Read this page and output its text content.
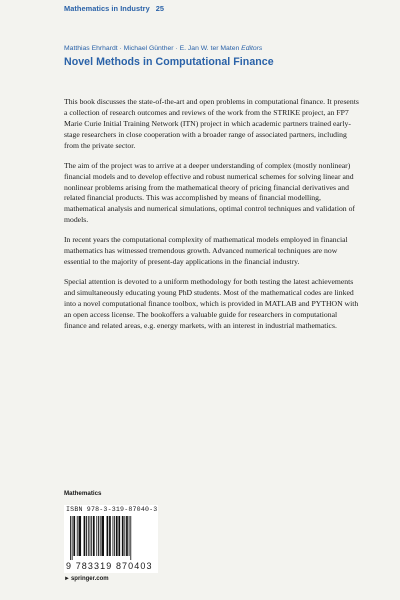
Mathematics in Industry 25
Matthias Ehrhardt · Michael Günther · E. Jan W. ter Maten Editors
Novel Methods in Computational Finance

This book discusses the state-of-the-art and open problems in computational finance. It presents a collection of research outcomes and reviews of the work from the STRIKE project, an FP7 Marie Curie Initial Training Network (ITN) project in which academic partners trained early-stage researchers in close cooperation with a broader range of associated partners, including from the private sector.

The aim of the project was to arrive at a deeper understanding of complex (mostly nonlinear) financial models and to develop effective and robust numerical schemes for solving linear and nonlinear problems arising from the mathematical theory of pricing financial derivatives and related financial products. This was accomplished by means of financial modelling, mathematical analysis and numerical simulations, optimal control techniques and validation of models.

In recent years the computational complexity of mathematical models employed in financial mathematics has witnessed tremendous growth. Advanced numerical techniques are now essential to the majority of present-day applications in the financial industry.

Special attention is devoted to a uniform methodology for both testing the latest achievements and simultaneously educating young PhD students. Most of the mathematical codes are linked into a novel computational finance toolbox, which is provided in MATLAB and PYTHON with an open access license. The bookoffers a valuable guide for researchers in computational finance and related areas, e.g. energy markets, with an interest in industrial mathematics.

Mathematics
ISBN 978-3-319-87040-3
9 783319 870403
►springer.com
